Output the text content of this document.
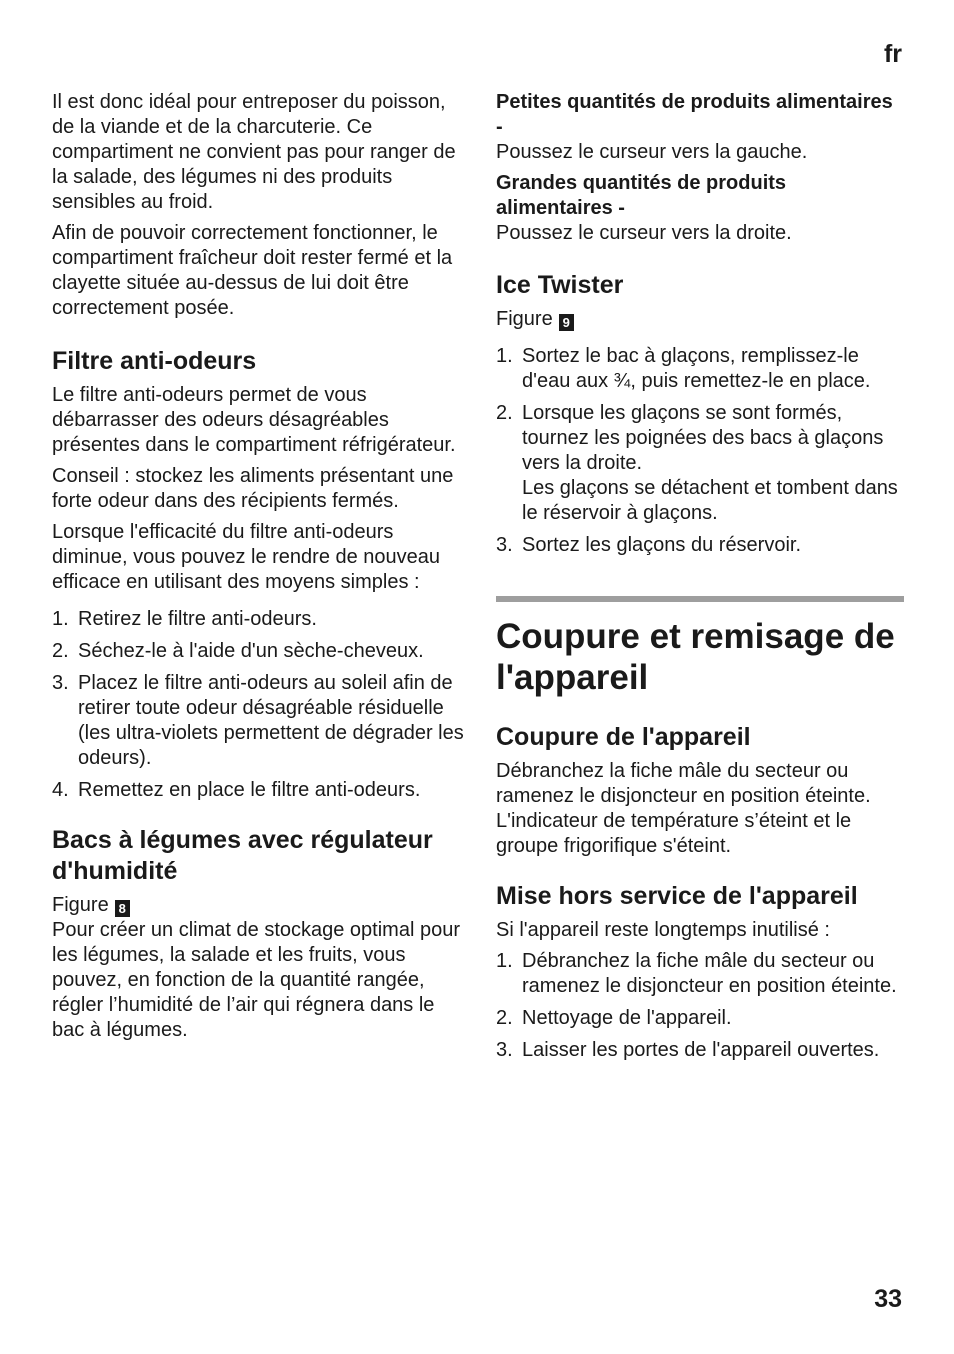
fr

Il est donc idéal pour entreposer du poisson, de la viande et de la charcuterie. Ce compartiment ne convient pas pour ranger de la salade, des légumes ni des produits sensibles au froid.

Afin de pouvoir correctement fonctionner, le compartiment fraîcheur doit rester fermé et la clayette située au-dessus de lui doit être correctement posée.

Filtre anti-odeurs

Le filtre anti-odeurs permet de vous débarrasser des odeurs désagréables présentes dans le compartiment réfrigérateur.

Conseil : stockez les aliments présentant une forte odeur dans des récipients fermés.

Lorsque l'efficacité du filtre anti-odeurs diminue, vous pouvez le rendre de nouveau efficace en utilisant des moyens simples :

1. Retirez le filtre anti-odeurs.
2. Séchez-le à l'aide d'un sèche-cheveux.
3. Placez le filtre anti-odeurs au soleil afin de retirer toute odeur désagréable résiduelle (les ultra-violets permettent de dégrader les odeurs).
4. Remettez en place le filtre anti-odeurs.
Bacs à légumes avec régulateur d'humidité

Figure 8

Pour créer un climat de stockage optimal pour les légumes, la salade et les fruits, vous pouvez, en fonction de la quantité rangée, régler l’humidité de l’air qui régnera dans le bac à légumes.

Petites quantités de produits alimentaires -

Poussez le curseur vers la gauche.

Grandes quantités de produits alimentaires -

Poussez le curseur vers la droite.

Ice Twister

Figure 9

1. Sortez le bac à glaçons, remplissez-le d'eau aux ¾, puis remettez-le en place.
2. Lorsque les glaçons se sont formés, tournez les poignées des bacs à glaçons vers la droite.
Les glaçons se détachent et tombent dans le réservoir à glaçons.
3. Sortez les glaçons du réservoir.
Coupure et remisage de l'appareil
Coupure de l'appareil

Débranchez la fiche mâle du secteur ou ramenez le disjoncteur en position éteinte.
L'indicateur de température s’éteint et le groupe frigorifique s'éteint.

Mise hors service de l'appareil

Si l'appareil reste longtemps inutilisé :

1. Débranchez la fiche mâle du secteur ou ramenez le disjoncteur en position éteinte.
2. Nettoyage de l'appareil.
3. Laisser les portes de l'appareil ouvertes.
33
